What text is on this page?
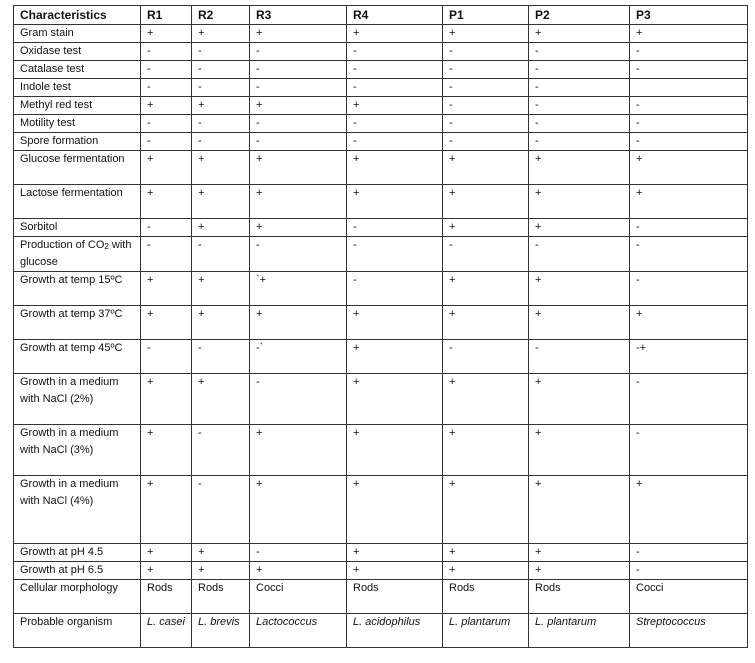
Characteristics	R1	R2	R3	R4	P1	P2	P3
Gram stain	+	+	+	+	+	+	+
Oxidase test	-	-	-	-	-	-	-
Catalase test	-	-	-	-	-	-	-
Indole test	-	-	-	-	-	-	
Methyl red test	+	+	+	+	-	-	-
Motility test	-	-	-	-	-	-	-
Spore formation	-	-	-	-	-	-	-
Glucose fermentation	+	+	+	+	+	+	+
Lactose fermentation	+	+	+	+	+	+	+
Sorbitol	-	+	+	-	+	+	-
Production of $CO_2$ with glucose	-	-	-	-	-	-	-
Growth at temp 15ºC	+	+	`+	-	+	+	-
Growth at temp 37ºC	+	+	+	+	+	+	+
Growth at temp 45ºC	-	-	-`	+	-	-	-+
Growth in a medium with NaCl (2%)	+	+	-	+	+	+	-
Growth in a medium with NaCl (3%)	+	-	+	+	+	+	-
Growth in a medium with NaCl (4%)	+	-	+	+	+	+	+
Growth at pH 4.5	+	+	-	+	+	+	-
Growth at pH 6.5	+	+	+	+	+	+	-
Cellular morphology	Rods	Rods	Cocci	Rods	Rods	Rods	Cocci
Probable organism	L. casei	L. brevis	Lactococcus	L. acidophilus	L. plantarum	L. plantarum	Streptococcus
